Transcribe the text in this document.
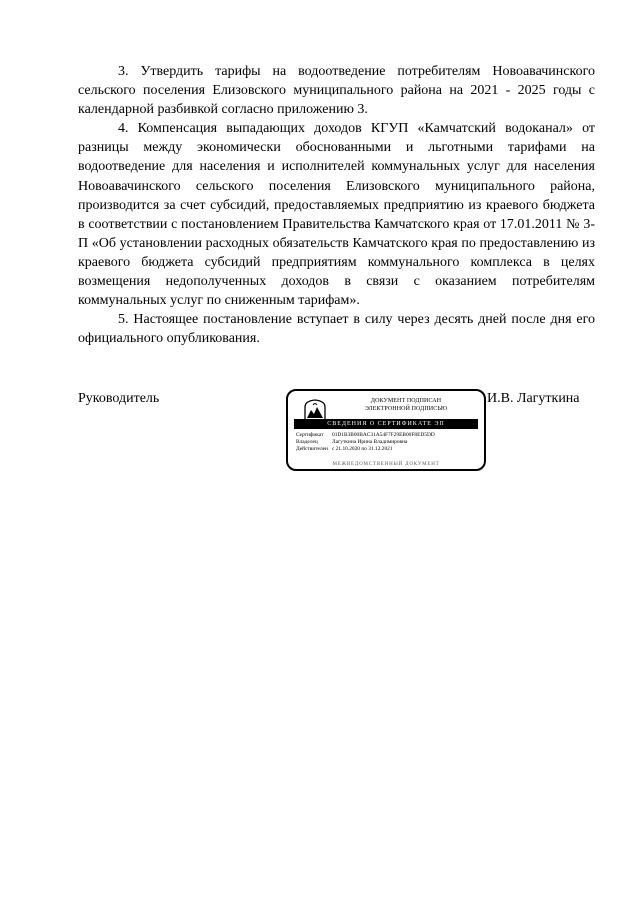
3. Утвердить тарифы на водоотведение потребителям Новоавачинского сельского поселения Елизовского муниципального района на 2021 - 2025 годы с календарной разбивкой согласно приложению 3.

4. Компенсация выпадающих доходов КГУП «Камчатский водоканал» от разницы между экономически обоснованными и льготными тарифами на водоотведение для населения и исполнителей коммунальных услуг для населения Новоавачинского сельского поселения Елизовского муниципального района, производится за счет субсидий, предоставляемых предприятию из краевого бюджета в соответствии с постановлением Правительства Камчатского края от 17.01.2011 № 3-П «Об установлении расходных обязательств Камчатского края по предоставлению из краевого бюджета субсидий предприятиям коммунального комплекса в целях возмещения недополученных доходов в связи с оказанием потребителям коммунальных услуг по сниженным тарифам».

5. Настоящее постановление вступает в силу через десять дней после дня его официального опубликования.

Руководитель	ДОКУМЕНТ ПОДПИСАН
ЭЛЕКТРОННОЙ ПОДПИСЬЮ
СВЕДЕНИЯ О СЕРТИФИКАТЕ ЭП
Сертификат	01D1B3B00BAC31A54F7F29EB00F8ED5DD
Владелец	Лагуткина Ирина Владимировна
Действителен с 21.10.2020 по 31.12.2021
МЕЖВЕДОМСТВЕННЫЙ ДОКУМЕНТ
И.В. Лагуткина
